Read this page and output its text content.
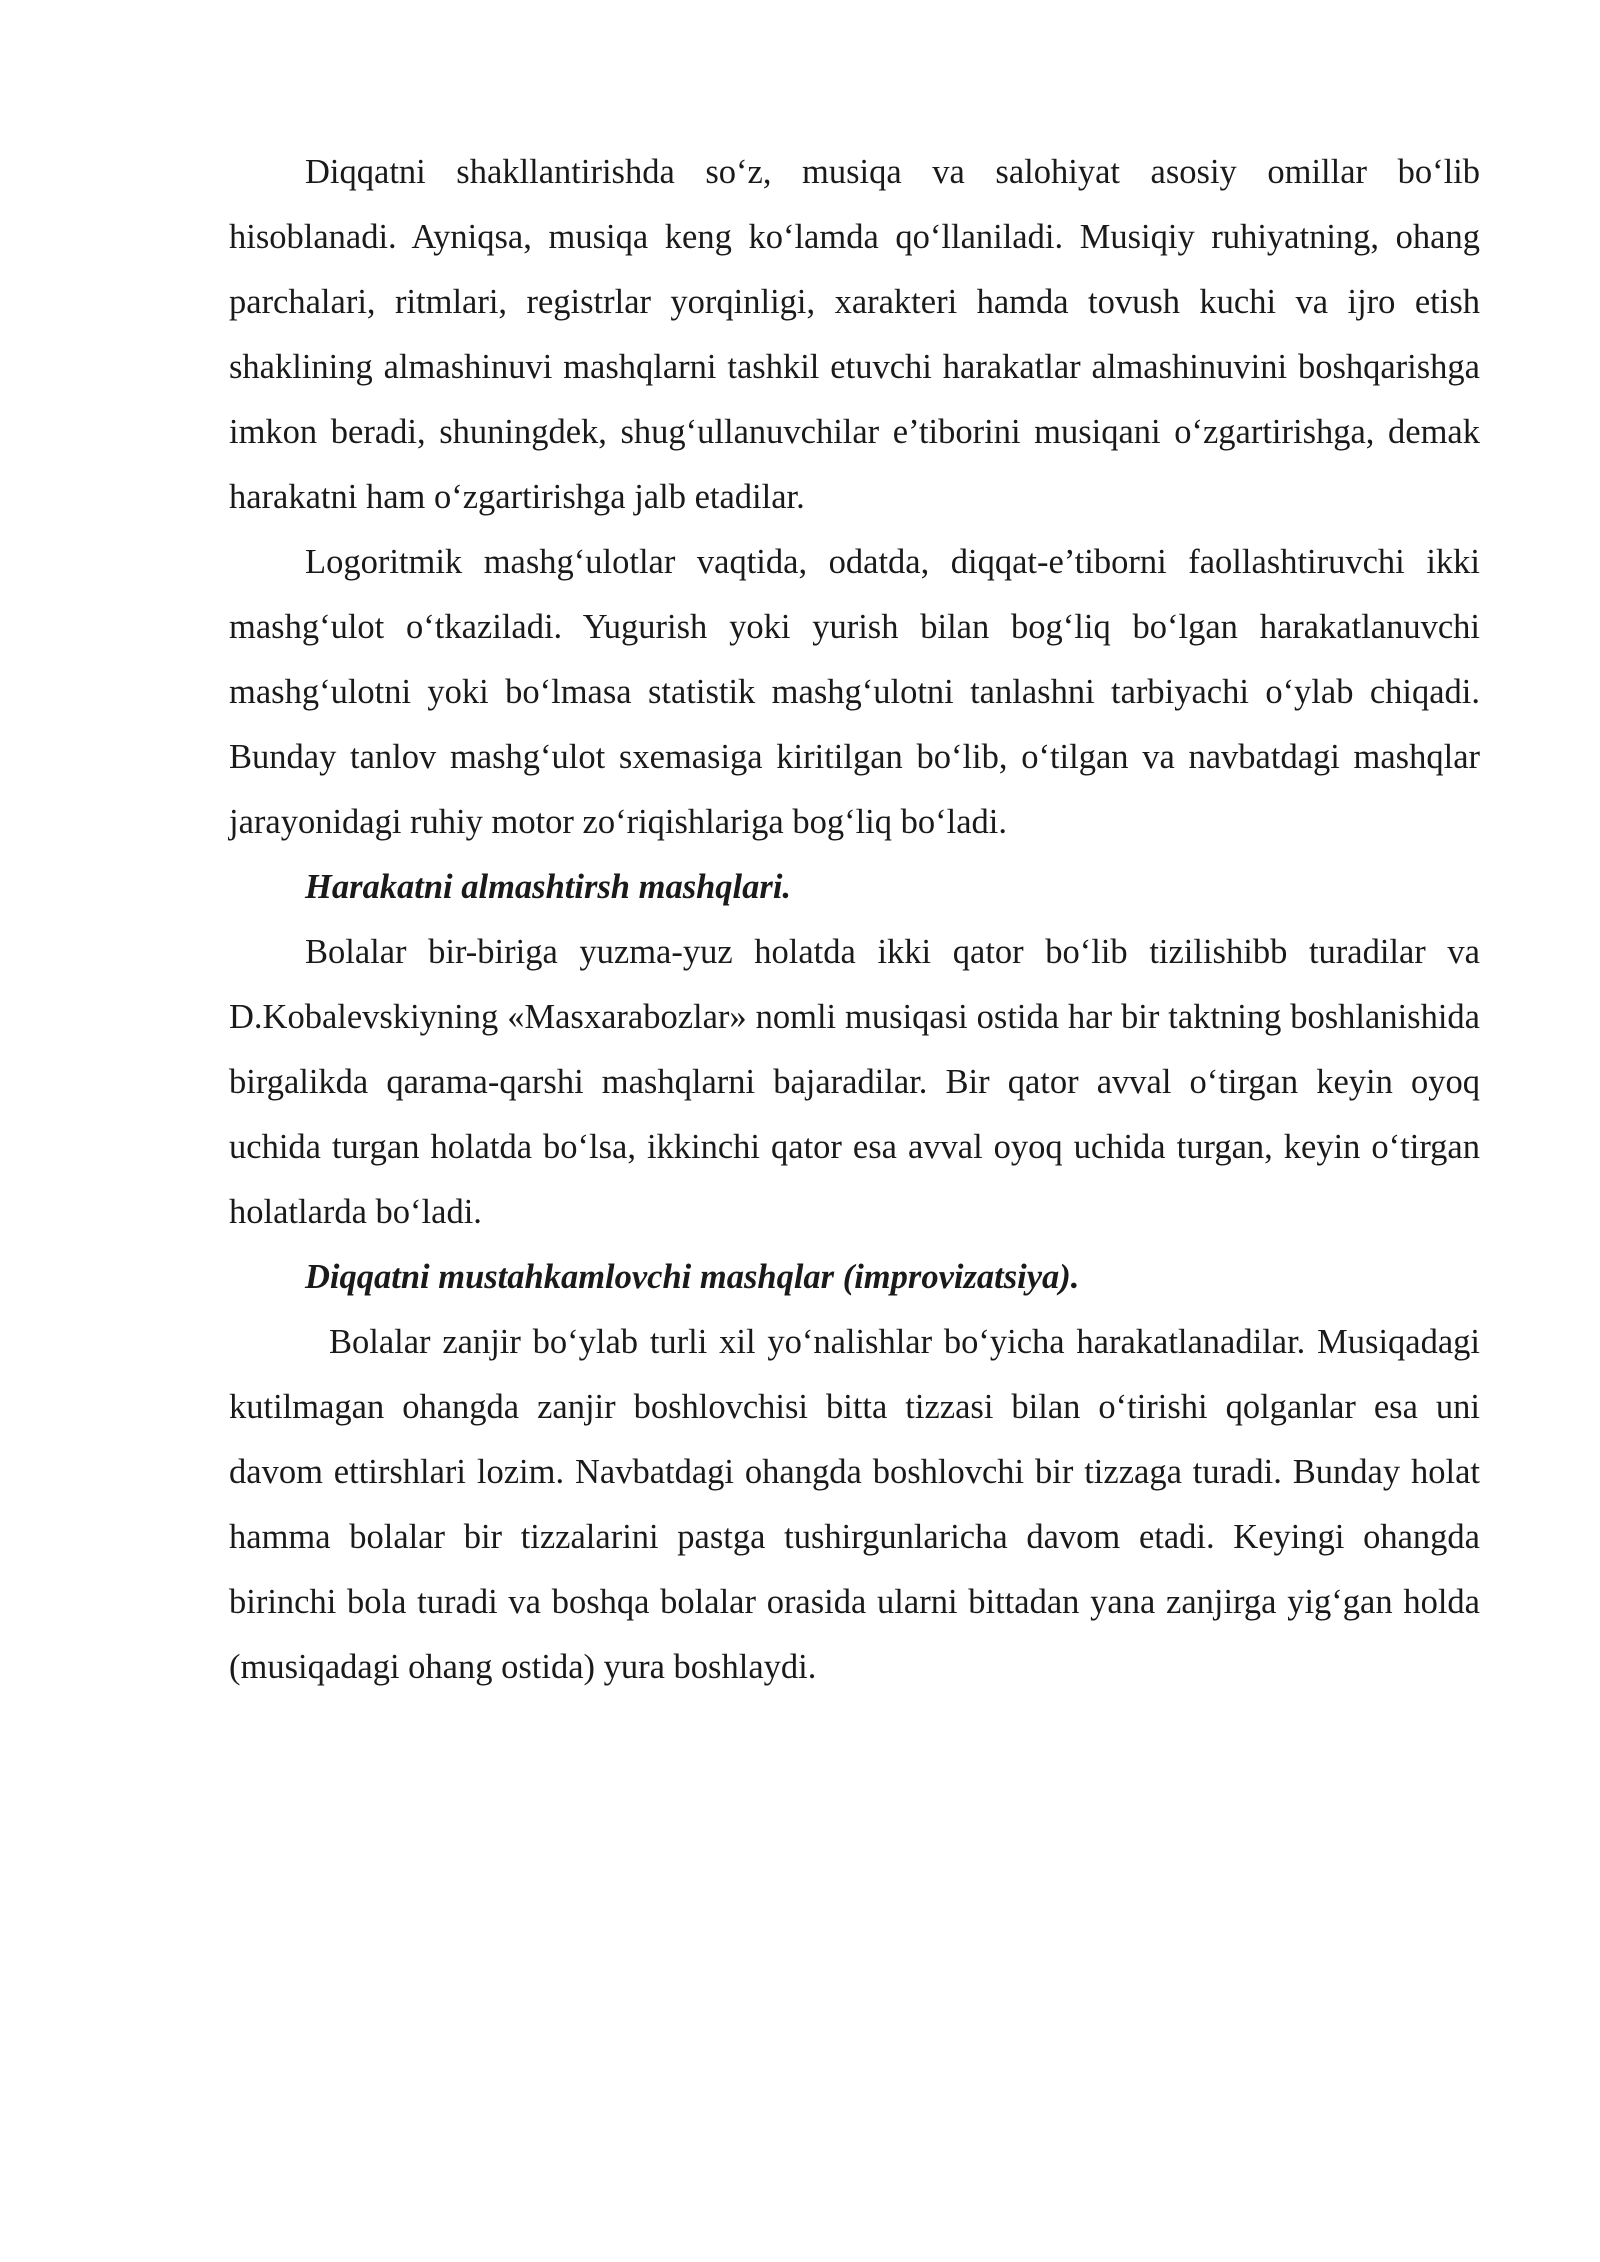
Diqqatni shakllantirishda so‘z, musiqa va salohiyat asosiy omillar bo‘lib hisoblanadi. Ayniqsa, musiqa keng ko‘lamda qo‘llaniladi. Musiqiy ruhiyatning, ohang parchalari, ritmlari, registrlar yorqinligi, xarakteri hamda tovush kuchi va ijro etish shaklining almashinuvi mashqlarni tashkil etuvchi harakatlar almashinuvini boshqarishga imkon beradi, shuningdek, shug‘ullanuvchilar e’tiborini musiqani o‘zgartirishga, demak harakatni ham o‘zgartirishga jalb etadilar.

Logoritmik mashg‘ulotlar vaqtida, odatda, diqqat-e’tiborni faollashtiruvchi ikki mashg‘ulot o‘tkaziladi. Yugurish yoki yurish bilan bog‘liq bo‘lgan harakatlanuvchi mashg‘ulotni yoki bo‘lmasa statistik mashg‘ulotni tanlashni tarbiyachi o‘ylab chiqadi. Bunday tanlov mashg‘ulot sxemasiga kiritilgan bo‘lib, o‘tilgan va navbatdagi mashqlar jarayonidagi ruhiy motor zo‘riqishlariga bog‘liq bo‘ladi.

Harakatni almashtirsh mashqlari.

Bolalar bir-biriga yuzma-yuz holatda ikki qator bo‘lib tizilishibb turadilar va D.Kobalevskiyning «Masxarabozlar» nomli musiqasi ostida har bir taktning boshlanishida birgalikda qarama-qarshi mashqlarni bajaradilar. Bir qator avval o‘tirgan keyin oyoq uchida turgan holatda bo‘lsa, ikkinchi qator esa avval oyoq uchida turgan, keyin o‘tirgan holatlarda bo‘ladi.

Diqqatni mustahkamlovchi mashqlar (improvizatsiya).

Bolalar zanjir bo‘ylab turli xil yo‘nalishlar bo‘yicha harakatlanadilar. Musiqadagi kutilmagan ohangda zanjir boshlovchisi bitta tizzasi bilan o‘tirishi qolganlar esa uni davom ettirshlari lozim. Navbatdagi ohangda boshlovchi bir tizzaga turadi. Bunday holat hamma bolalar bir tizzalarini pastga tushirgunlaricha davom etadi. Keyingi ohangda birinchi bola turadi va boshqa bolalar orasida ularni bittadan yana zanjirga yig‘gan holda (musiqadagi ohang ostida) yura boshlaydi.
